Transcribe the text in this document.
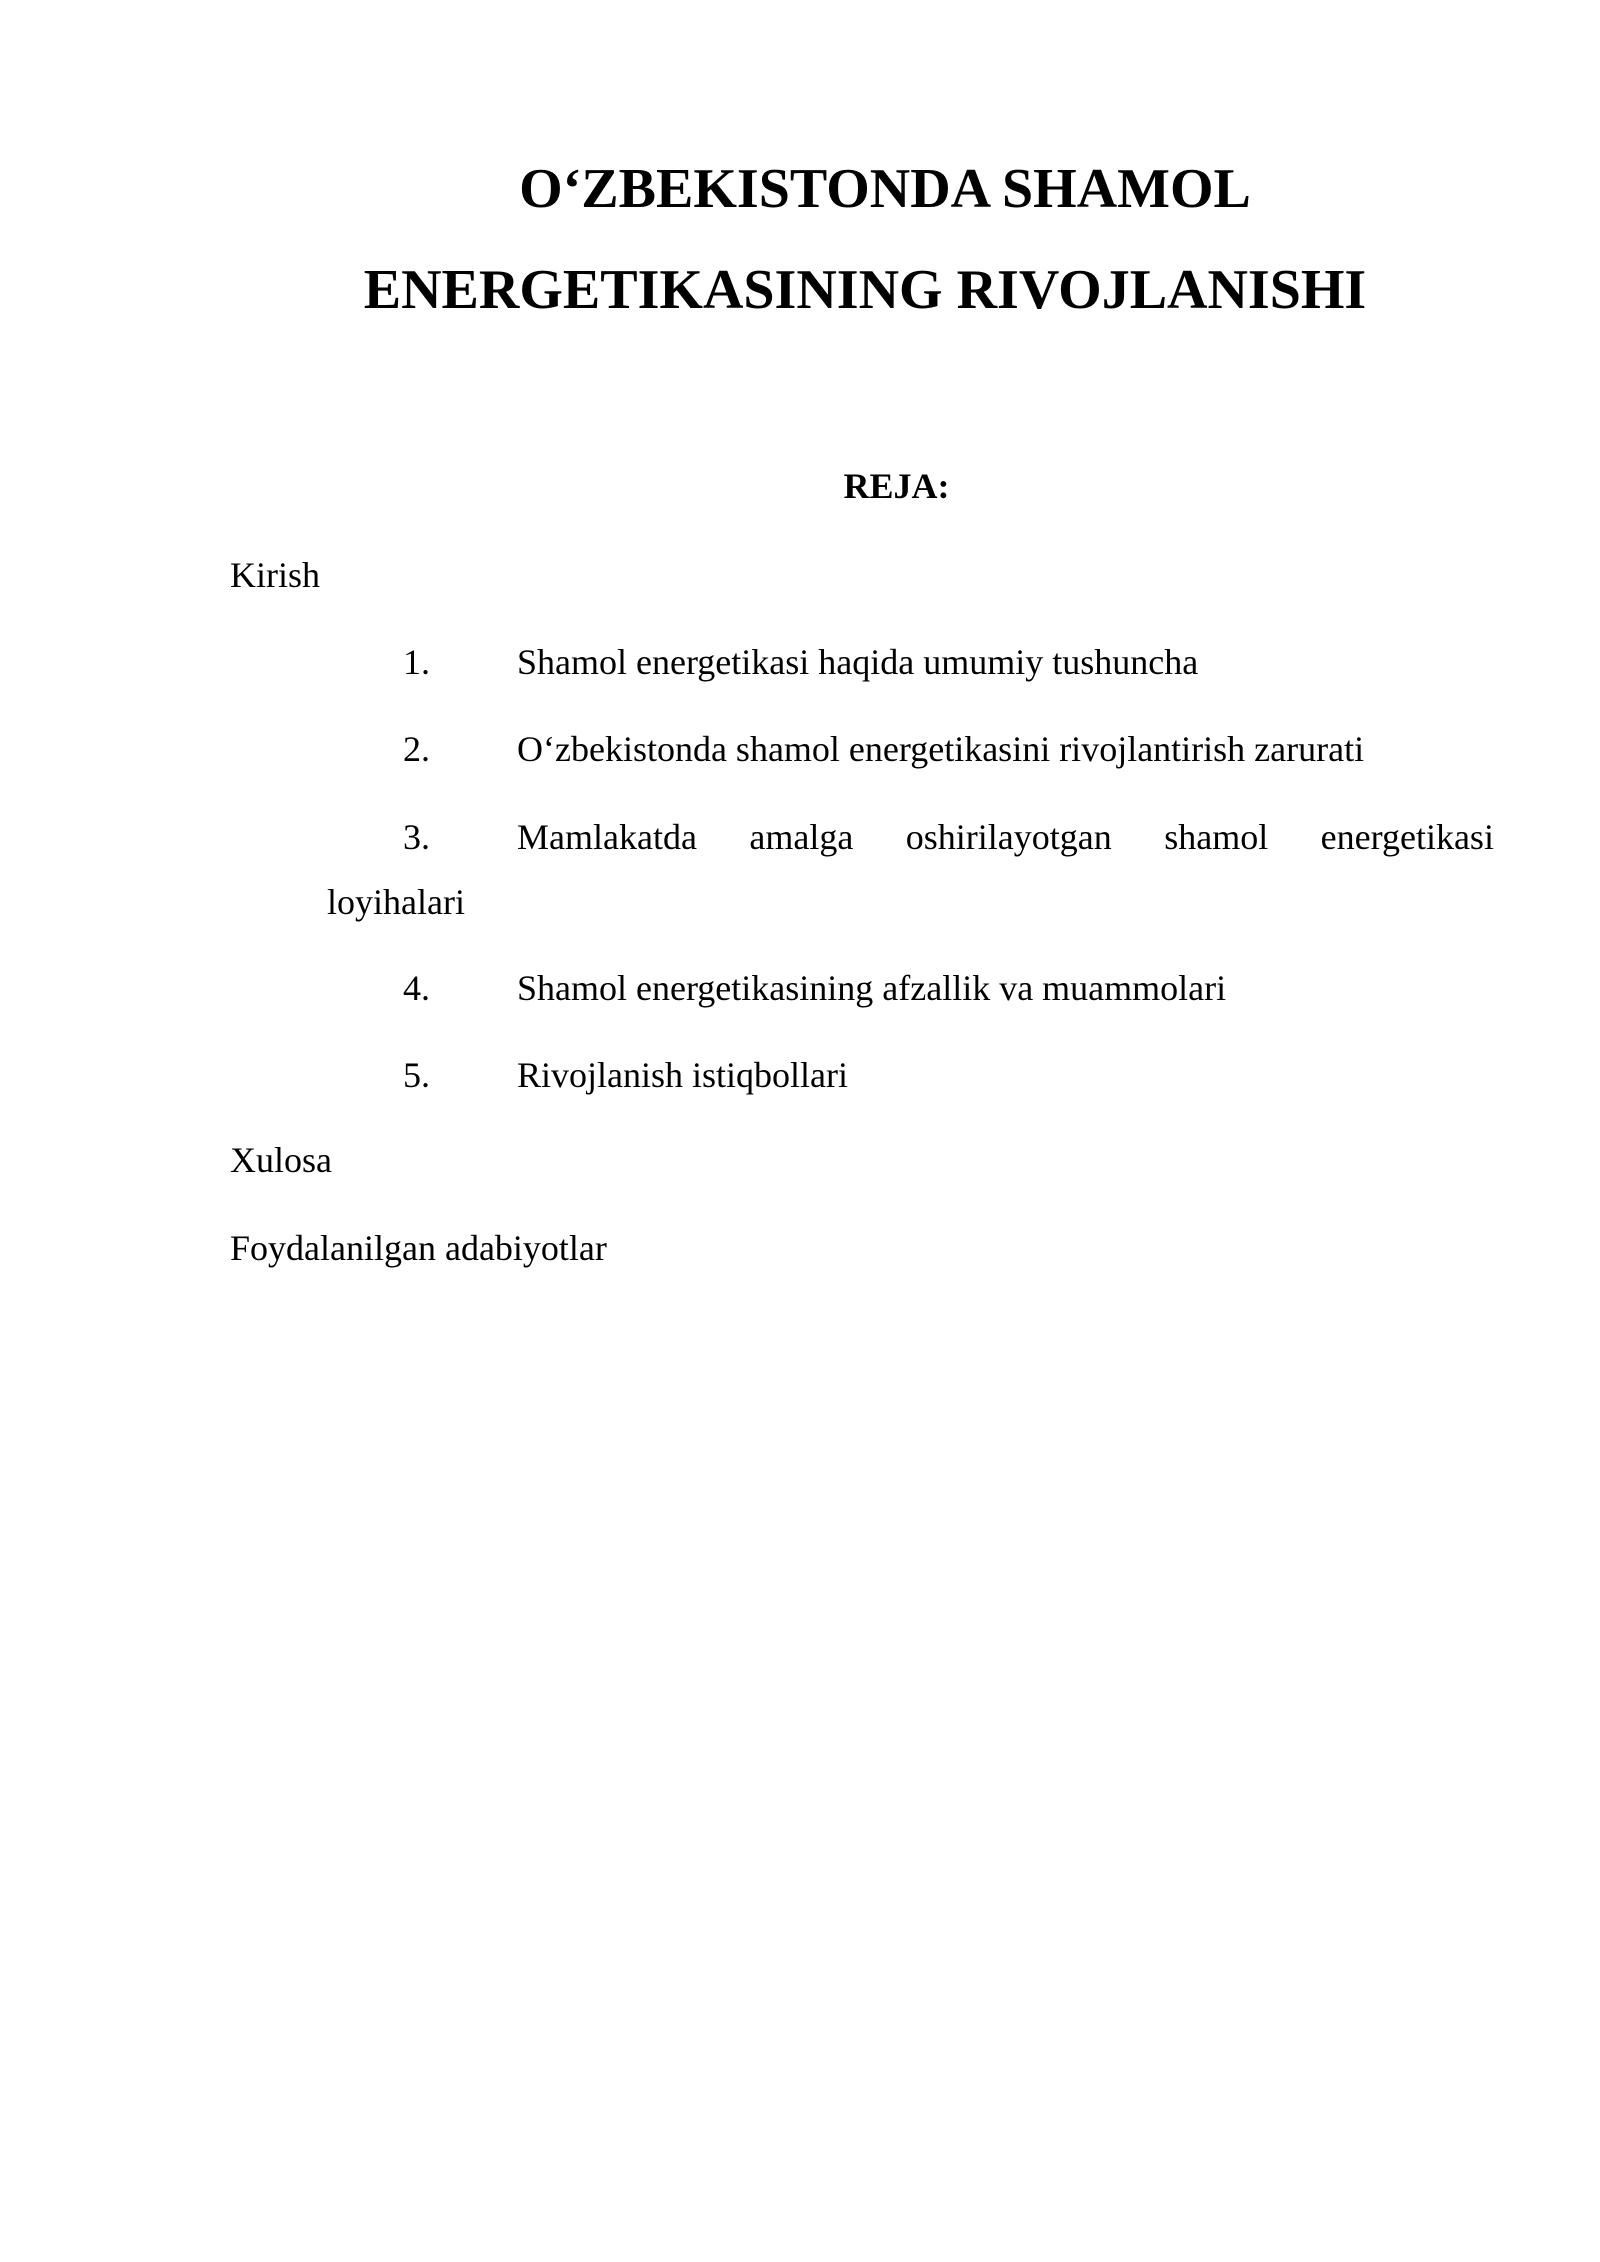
O‘ZBEKISTONDA SHAMOL
ENERGETIKASINING RIVOJLANISHI
REJA:
Kirish
1. Shamol energetikasi haqida umumiy tushuncha
2. O‘zbekistonda shamol energetikasini rivojlantirish zarurati
3. Mamlakatda amalga oshirilayotgan shamol energetikasi
loyihalari
4. Shamol energetikasining afzallik va muammolari
5. Rivojlanish istiqbollari
Xulosa
Foydalanilgan adabiyotlar
